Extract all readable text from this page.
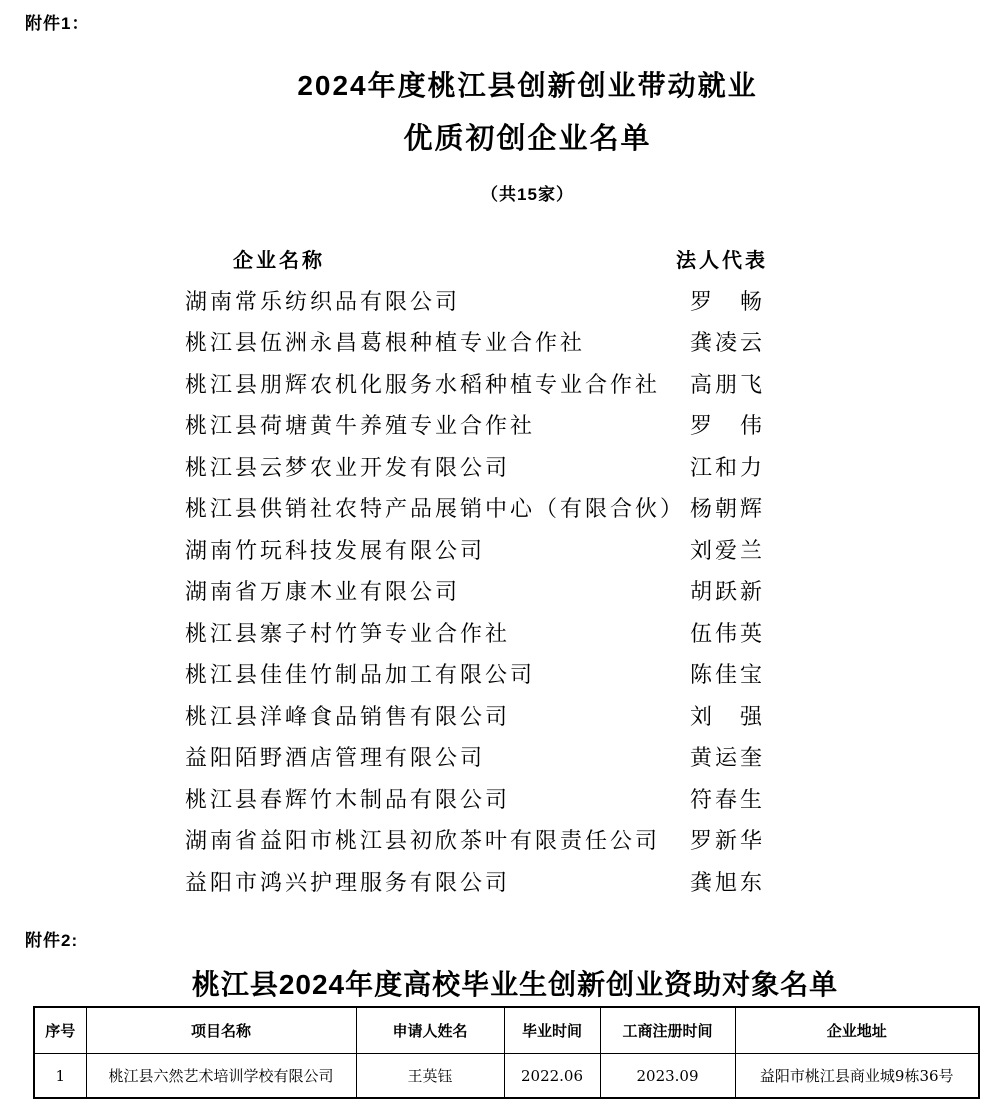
附件1：
2024年度桃江县创新创业带动就业
优质初创企业名单
（共15家）
企业名称	法人代表
湖南常乐纺织品有限公司	罗　畅
桃江县伍洲永昌葛根种植专业合作社	龚凌云
桃江县朋辉农机化服务水稻种植专业合作社 高朋飞
桃江县荷塘黄牛养殖专业合作社	罗　伟
桃江县云梦农业开发有限公司	江和力
桃江县供销社农特产品展销中心（有限合伙） 杨朝辉
湖南竹玩科技发展有限公司	刘爱兰
湖南省万康木业有限公司	胡跃新
桃江县寨子村竹笋专业合作社	伍伟英
桃江县佳佳竹制品加工有限公司	陈佳宝
桃江县洋峰食品销售有限公司	刘　强
益阳陌野酒店管理有限公司	黄运奎
桃江县春辉竹木制品有限公司	符春生
湖南省益阳市桃江县初欣茶叶有限责任公司 罗新华
益阳市鸿兴护理服务有限公司	龚旭东
附件2:
桃江县2024年度高校毕业生创新创业资助对象名单
序号	项目名称	申请人姓名	毕业时间	工商注册时间	企业地址
1	桃江县六然艺术培训学校有限公司	王英钰	2022.06	2023.09	益阳市桃江县商业城9栋36号
